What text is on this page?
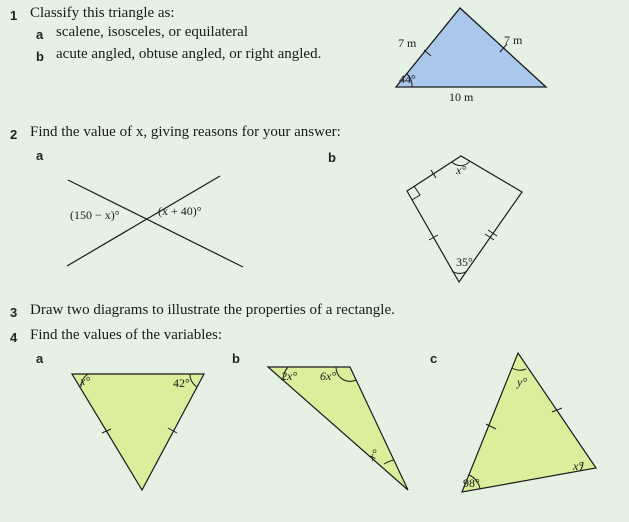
1 Classify this triangle as:
a scalene, isosceles, or equilateral
b acute angled, obtuse angled, or right angled.
7 m	7 m
10 m
44°
2 Find the value of x, giving reasons for your answer:
a	b
(150 − x)°	(x + 40)°
x°
35°
3 Draw two diagrams to illustrate the properties of a rectangle.
4 Find the values of the variables:
a	b	c
x°	42°	2x° 6x°
x°
y°
98°
x°
